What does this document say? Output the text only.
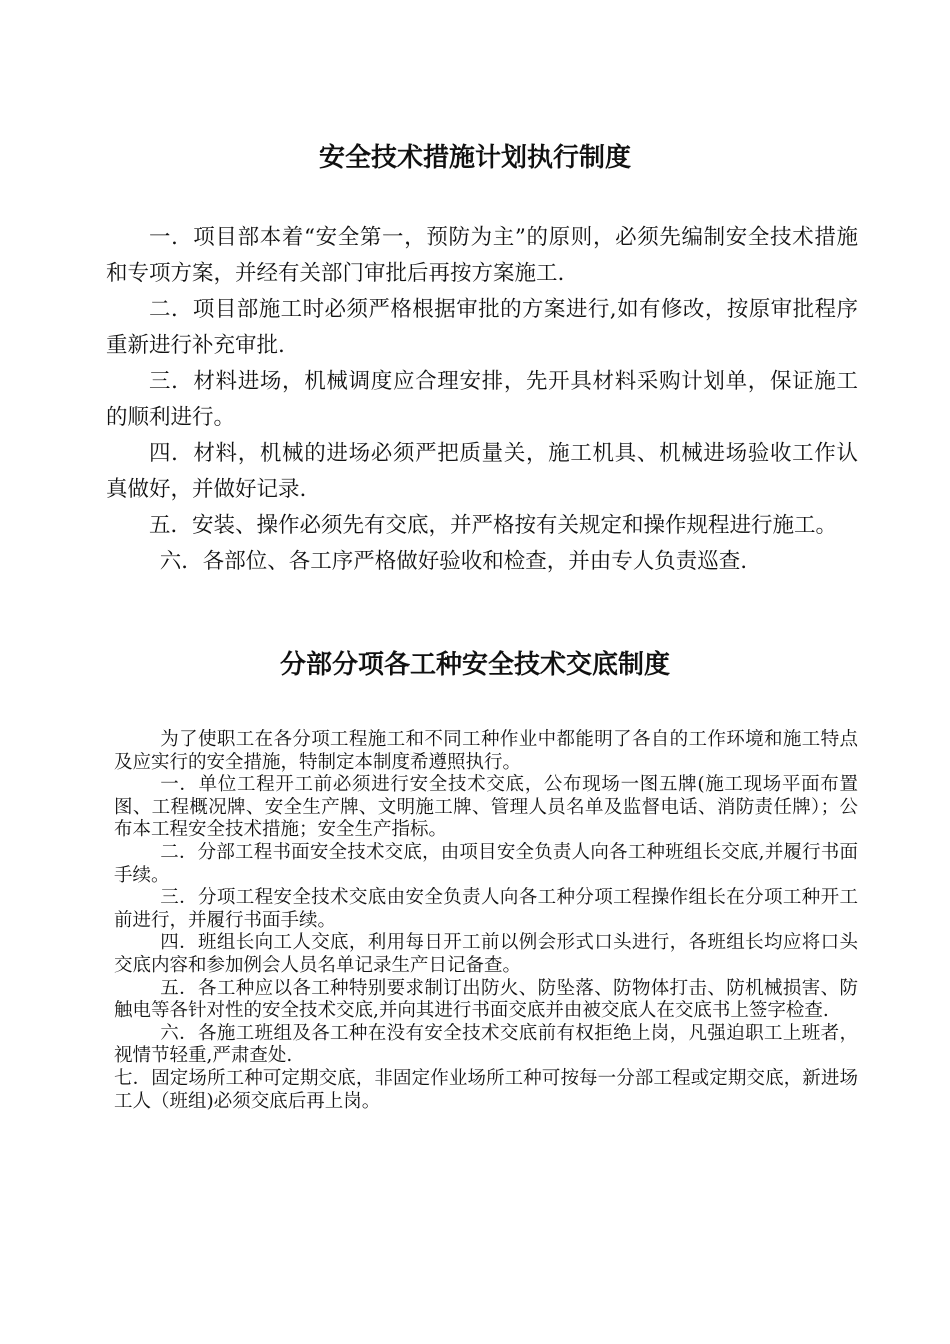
安全技术措施计划执行制度

一．项目部本着“安全第一，预防为主”的原则，必须先编制安全技术措施和专项方案，并经有关部门审批后再按方案施工.

二．项目部施工时必须严格根据审批的方案进行,如有修改，按原审批程序重新进行补充审批.

三．材料进场，机械调度应合理安排，先开具材料采购计划单，保证施工的顺利进行。

四．材料，机械的进场必须严把质量关，施工机具、机械进场验收工作认真做好，并做好记录.

五．安装、操作必须先有交底，并严格按有关规定和操作规程进行施工。

六．各部位、各工序严格做好验收和检查，并由专人负责巡查.

分部分项各工种安全技术交底制度

为了使职工在各分项工程施工和不同工种作业中都能明了各自的工作环境和施工特点及应实行的安全措施，特制定本制度希遵照执行。

一．单位工程开工前必须进行安全技术交底，公布现场一图五牌(施工现场平面布置图、工程概况牌、安全生产牌、文明施工牌、管理人员名单及监督电话、消防责任牌）；公布本工程安全技术措施；安全生产指标。

二．分部工程书面安全技术交底，由项目安全负责人向各工种班组长交底,并履行书面手续。

三．分项工程安全技术交底由安全负责人向各工种分项工程操作组长在分项工种开工前进行，并履行书面手续。

四．班组长向工人交底，利用每日开工前以例会形式口头进行，各班组长均应将口头交底内容和参加例会人员名单记录生产日记备查。

五．各工种应以各工种特别要求制订出防火、防坠落、防物体打击、防机械损害、防触电等各针对性的安全技术交底,并向其进行书面交底并由被交底人在交底书上签字检查.

六．各施工班组及各工种在没有安全技术交底前有权拒绝上岗，凡强迫职工上班者，视情节轻重,严肃查处.

七．固定场所工种可定期交底，非固定作业场所工种可按每一分部工程或定期交底，新进场工人（班组)必须交底后再上岗。
